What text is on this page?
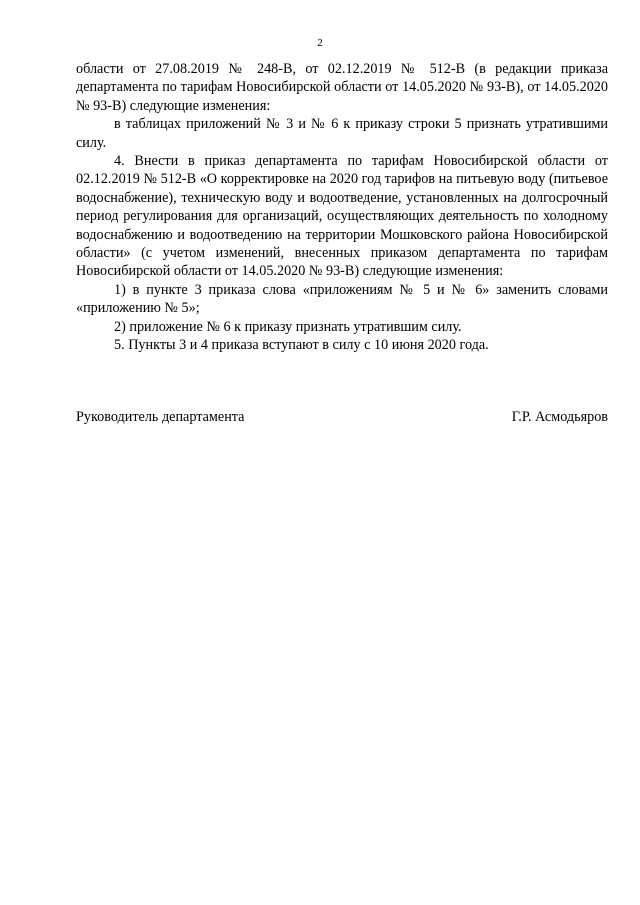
2

области от 27.08.2019 № 248-В, от 02.12.2019 № 512-В (в редакции приказа департамента по тарифам Новосибирской области от 14.05.2020 № 93-В), от 14.05.2020 № 93-В) следующие изменения:

в таблицах приложений № 3 и № 6 к приказу строки 5 признать утратившими силу.

4. Внести в приказ департамента по тарифам Новосибирской области от 02.12.2019 № 512-В «О корректировке на 2020 год тарифов на питьевую воду (питьевое водоснабжение), техническую воду и водоотведение, установленных на долгосрочный период регулирования для организаций, осуществляющих деятельность по холодному водоснабжению и водоотведению на территории Мошковского района Новосибирской области» (с учетом изменений, внесенных приказом департамента по тарифам Новосибирской области от 14.05.2020 № 93-В) следующие изменения:

1) в пункте 3 приказа слова «приложениям № 5 и № 6» заменить словами «приложению № 5»;

2) приложение № 6 к приказу признать утратившим силу.

5. Пункты 3 и 4 приказа вступают в силу с 10 июня 2020 года.

Руководитель департамента	Г.Р. Асмодьяров
